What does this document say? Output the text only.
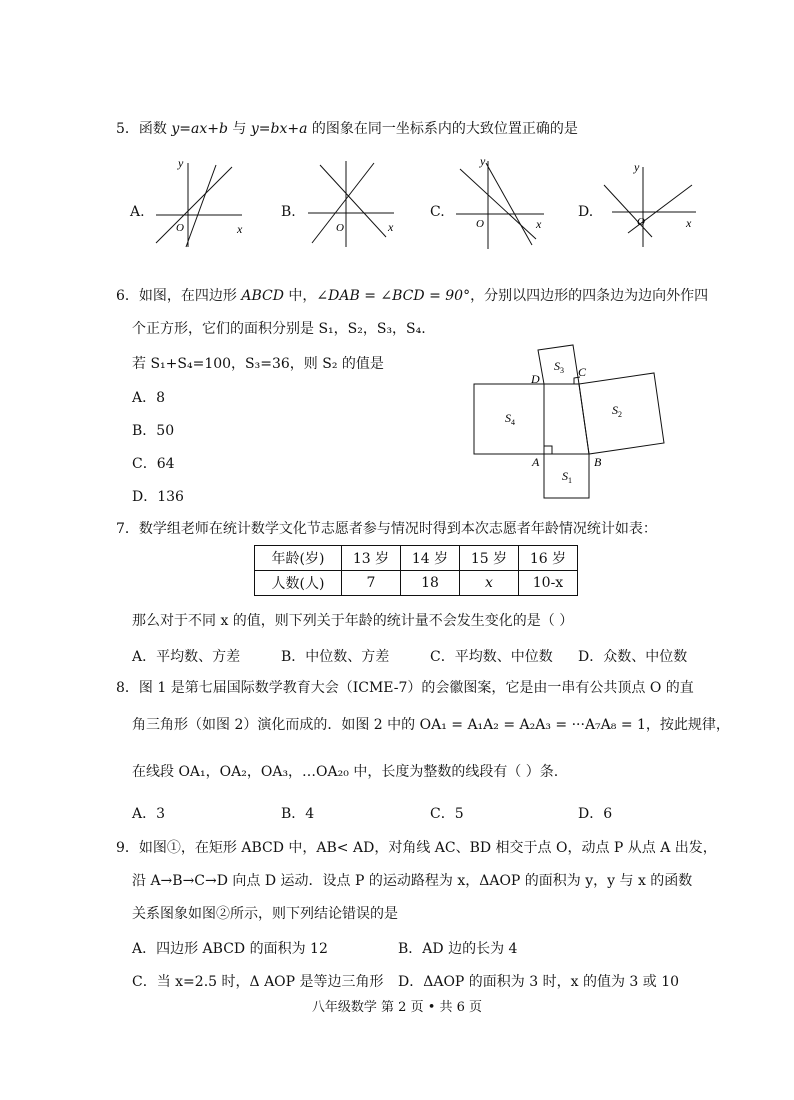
5．函数 y=ax+b 与 y=bx+a 的图象在同一坐标系内的大致位置正确的是
A.	B.	C.	D.
x
y
O	x
O	x
y
O	x
y
O
6．如图，在四边形 ABCD 中，∠DAB = ∠BCD = 90°，分别以四边形的四条边为边向外作四
个正方形，它们的面积分别是 S₁，S₂，S₃，S₄.
若 S₁+S₄=100，S₃=36，则 S₂ 的值是
A．8
B．50
C．64
D．136
D	C
A	B
$S_1$
$S_2$
$S_3$
$S_4$
7．数学组老师在统计数学文化节志愿者参与情况时得到本次志愿者年龄情况统计如表：
年龄(岁)	13 岁	14 岁	15 岁	16 岁
人数(人)	7	18	x	10-x
那么对于不同 x 的值，则下列关于年龄的统计量不会发生变化的是（ ）
A．平均数、方差	B．中位数、方差	C．平均数、中位数 D．众数、中位数
8．图 1 是第七届国际数学教育大会（ICME-7）的会徽图案，它是由一串有公共顶点 O 的直
角三角形（如图 2）演化而成的．如图 2 中的 OA₁ = A₁A₂ = A₂A₃ = ···A₇A₈ = 1，按此规律，
在线段 OA₁，OA₂，OA₃，…OA₂₀ 中，长度为整数的线段有（ ）条.
A．3	B．4	C．5	D．6
9．如图①，在矩形 ABCD 中，AB< AD，对角线 AC、BD 相交于点 O，动点 P 从点 A 出发，
沿 A→B→C→D 向点 D 运动．设点 P 的运动路程为 x，ΔAOP 的面积为 y，y 与 x 的函数
关系图象如图②所示，则下列结论错误的是
A．四边形 ABCD 的面积为 12	B．AD 边的长为 4
C．当 x=2.5 时，Δ AOP 是等边三角形 D．ΔAOP 的面积为 3 时，x 的值为 3 或 10
八年级数学 第 2 页 • 共 6 页
